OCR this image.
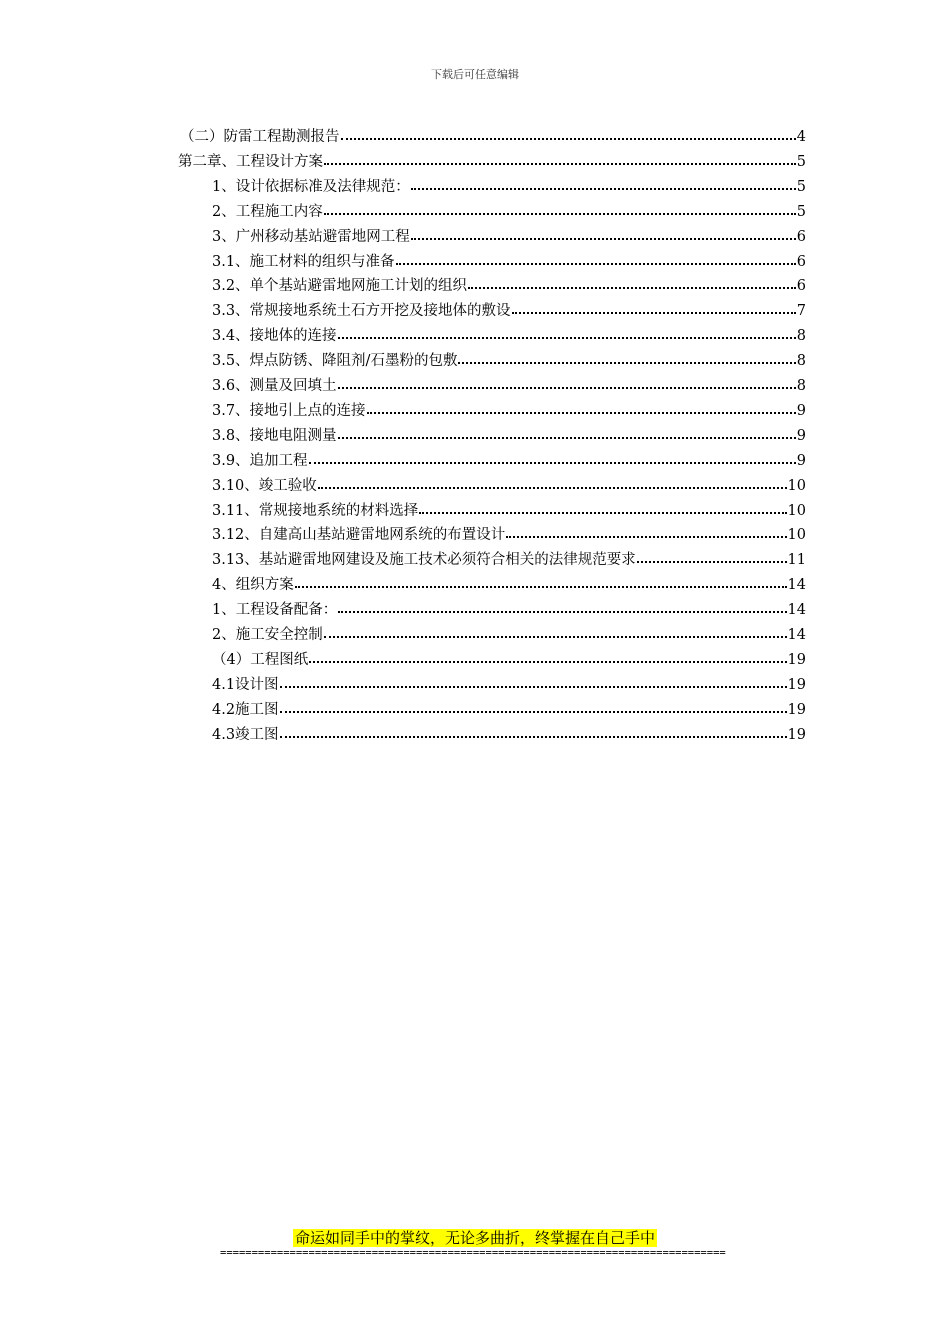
下载后可任意编辑
（二）防雷工程勘测报告	4
第二章、工程设计方案	5
1、设计依据标准及法律规范：	5
2、工程施工内容	5
3、广州移动基站避雷地网工程	6
3.1、施工材料的组织与准备	6
3.2、单个基站避雷地网施工计划的组织	6
3.3、常规接地系统土石方开挖及接地体的敷设	7
3.4、接地体的连接	8
3.5、焊点防锈、降阻剂/石墨粉的包敷	8
3.6、测量及回填土	8
3.7、接地引上点的连接	9
3.8、接地电阻测量	9
3.9、追加工程	9
3.10、竣工验收	10
3.11、常规接地系统的材料选择	10
3.12、自建高山基站避雷地网系统的布置设计	10
3.13、基站避雷地网建设及施工技术必须符合相关的法律规范要求	11
4、组织方案	14
1、工程设备配备：	14
2、施工安全控制	14
（4）工程图纸	19
4.1设计图	19
4.2施工图	19
4.3竣工图	19
命运如同手中的掌纹，无论多曲折，终掌握在自己手中
================================================================================
